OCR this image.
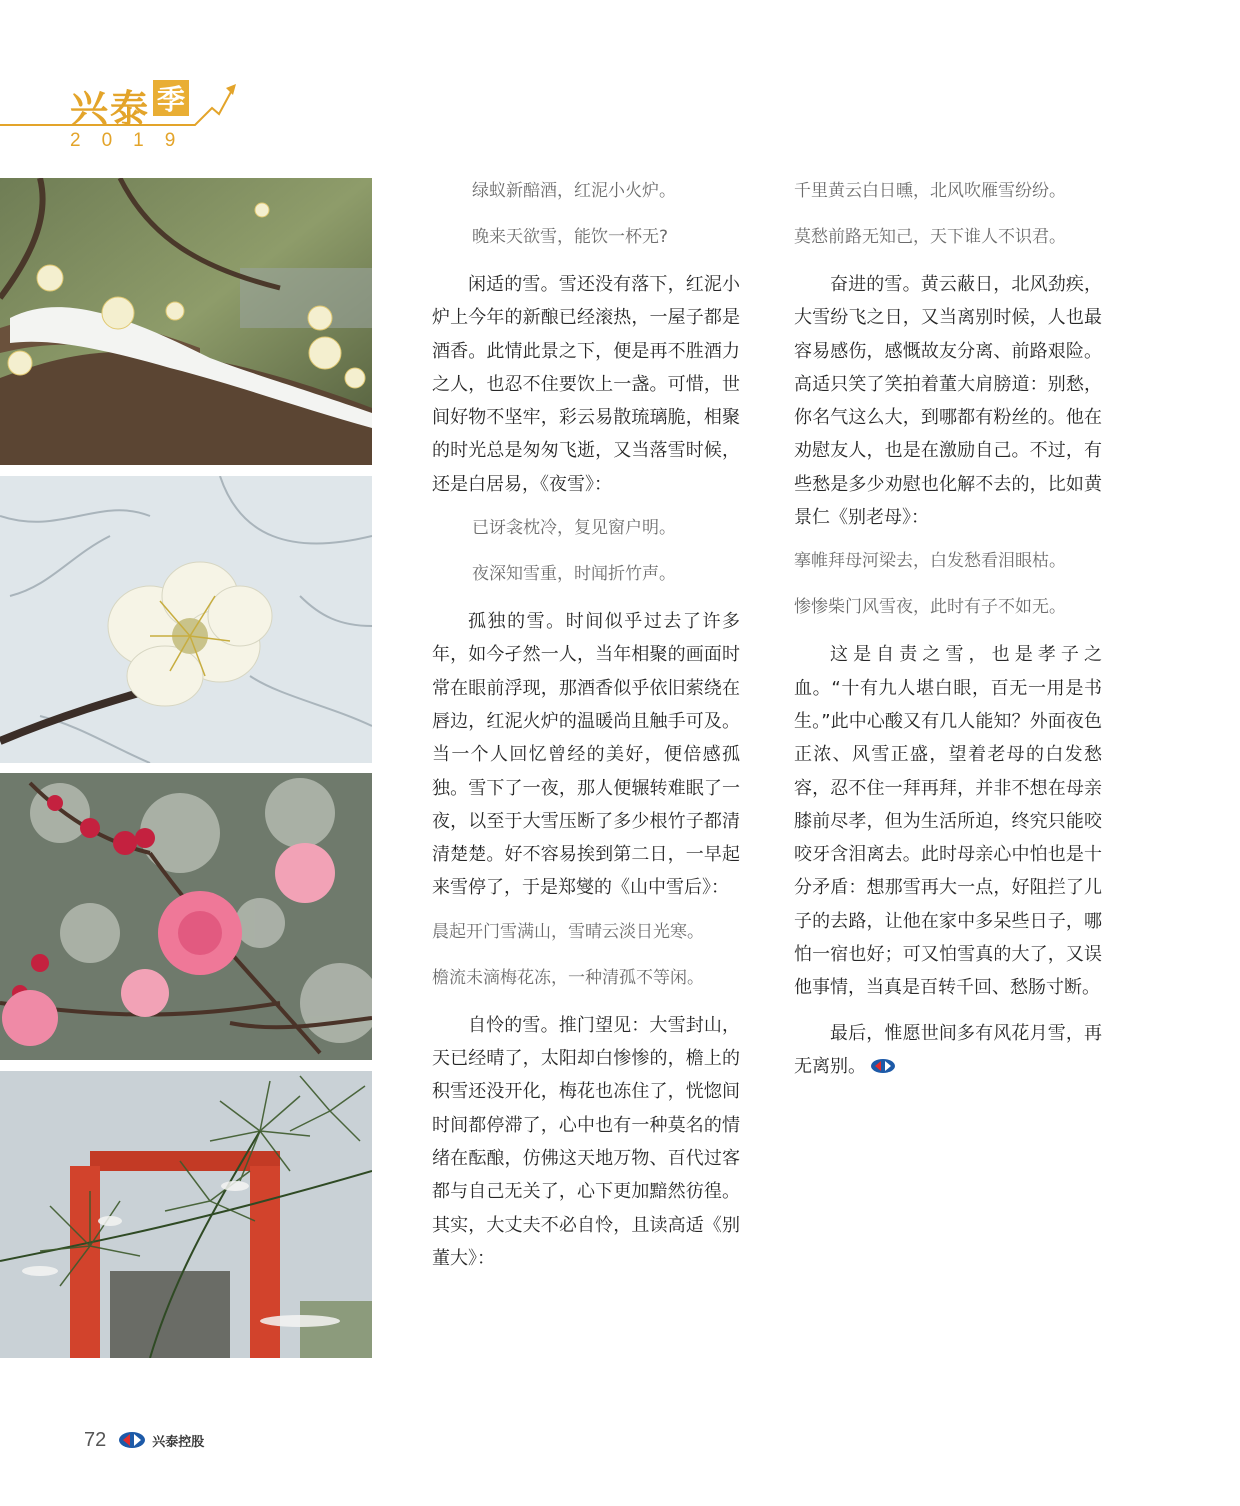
兴泰 季
2019
绿蚁新醅酒，红泥小火炉。
晚来天欲雪，能饮一杯无?

闲适的雪。雪还没有落下，红泥小炉上今年的新酿已经滚热，一屋子都是酒香。此情此景之下，便是再不胜酒力之人，也忍不住要饮上一盏。可惜，世间好物不坚牢，彩云易散琉璃脆，相聚的时光总是匆匆飞逝，又当落雪时候，还是白居易，《夜雪》：

已讶衾枕冷，复见窗户明。
夜深知雪重，时闻折竹声。

孤独的雪。时间似乎过去了许多年，如今孑然一人，当年相聚的画面时常在眼前浮现，那酒香似乎依旧萦绕在唇边，红泥火炉的温暖尚且触手可及。当一个人回忆曾经的美好，便倍感孤独。雪下了一夜，那人便辗转难眠了一夜，以至于大雪压断了多少根竹子都清清楚楚。好不容易挨到第二日，一早起来雪停了，于是郑燮的《山中雪后》：

晨起开门雪满山，雪晴云淡日光寒。
檐流未滴梅花冻，一种清孤不等闲。

自怜的雪。推门望见：大雪封山，天已经晴了，太阳却白惨惨的，檐上的积雪还没开化，梅花也冻住了，恍惚间时间都停滞了，心中也有一种莫名的情绪在酝酿，仿佛这天地万物、百代过客都与自己无关了，心下更加黯然彷徨。其实，大丈夫不必自怜，且读高适《别董大》：

千里黄云白日曛，北风吹雁雪纷纷。
莫愁前路无知己，天下谁人不识君。

奋进的雪。黄云蔽日，北风劲疾，大雪纷飞之日，又当离别时候，人也最容易感伤，感慨故友分离、前路艰险。高适只笑了笑拍着董大肩膀道：别愁，你名气这么大，到哪都有粉丝的。他在劝慰友人，也是在激励自己。不过，有些愁是多少劝慰也化解不去的，比如黄景仁《别老母》：

搴帷拜母河梁去，白发愁看泪眼枯。
惨惨柴门风雪夜，此时有子不如无。

这是自责之雪，也是孝子之血。“十有九人堪白眼，百无一用是书生。”此中心酸又有几人能知？外面夜色正浓、风雪正盛，望着老母的白发愁容，忍不住一拜再拜，并非不想在母亲膝前尽孝，但为生活所迫，终究只能咬咬牙含泪离去。此时母亲心中怕也是十分矛盾：想那雪再大一点，好阻拦了儿子的去路，让他在家中多呆些日子，哪怕一宿也好；可又怕雪真的大了，又误他事情，当真是百转千回、愁肠寸断。

最后，惟愿世间多有风花月雪，再无离别。

72	兴泰控股
